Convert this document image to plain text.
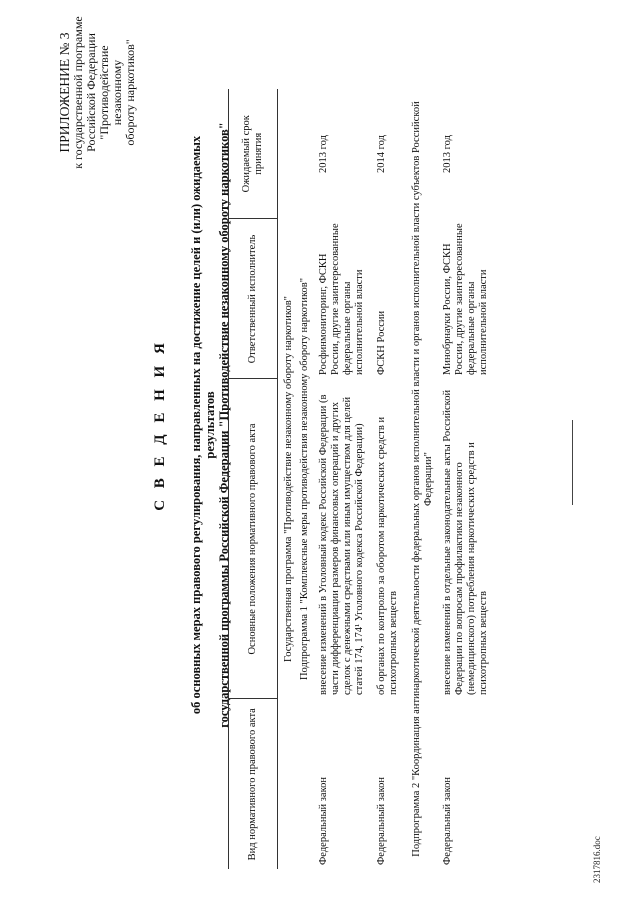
ПРИЛОЖЕНИЕ № 3 к государственной программе Российской Федерации "Противодействие незаконному обороту наркотиков"
С В Е Д Е Н И Я об основных мерах правового регулирования, направленных на достижение целей и (или) ожидаемых результатов государственной программы Российской Федерации "Противодействие незаконному обороту наркотиков"
Вид нормативного правового акта	Основные положения нормативного правового акта	Ответственный исполнитель	Ожидаемый срок принятия
Государственная программа "Противодействие незаконному обороту наркотиков"			
Подпрограмма 1 "Комплексные меры противодействия незаконному обороту наркотиков"			
Федеральный закон	внесение изменений в Уголовный кодекс Российской Федерации (в части дифференциации размеров финансовых операций и других сделок с денежными средствами или иным имуществом для целей статей 174, 174¹ Уголовного кодекса Российской Федерации)	Росфинмониторинг, ФСКН России, другие заинтересованные федеральные органы исполнительной власти	2013 год
Федеральный закон	об органах по контролю за оборотом наркотических средств и психотропных веществ	ФСКН России	2014 год
Подпрограмма 2 "Координация антинаркотической деятельности федеральных органов исполнительной власти и органов исполнительной власти субъектов Российской Федерации"			
Федеральный закон	внесение изменений в отдельные законодательные акты Российской Федерации по вопросам профилактики незаконного (немедицинского) потребления наркотических средств и психотропных веществ	Минобрнауки России, ФСКН России, другие заинтересованные федеральные органы исполнительной власти	2013 год
2317816.doc
